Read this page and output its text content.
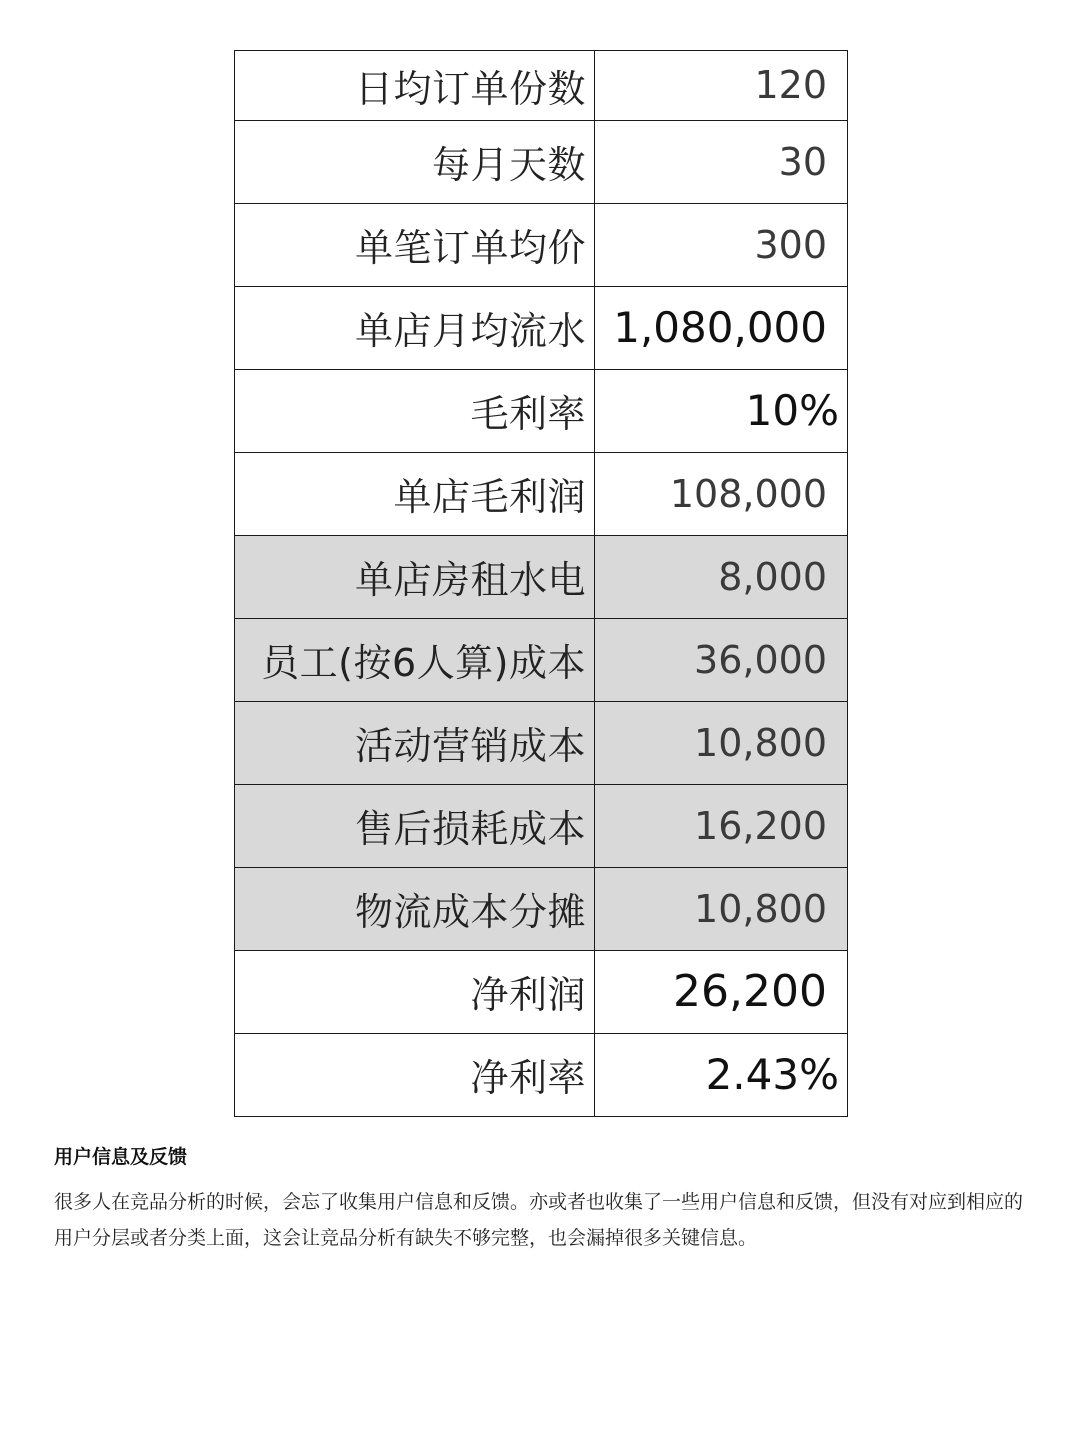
日均订单份数	120
每月天数	30
单笔订单均价	300
单店月均流水	1,080,000
毛利率	10%
单店毛利润	108,000
单店房租水电	8,000
员工(按6人算)成本	36,000
活动营销成本	10,800
售后损耗成本	16,200
物流成本分摊	10,800
净利润	26,200
净利率	2.43%
用户信息及反馈
很多人在竞品分析的时候，会忘了收集用户信息和反馈。亦或者也收集了一些用户信息和反馈，但没有对应到相应的用户分层或者分类上面，这会让竞品分析有缺失不够完整，也会漏掉很多关键信息。
